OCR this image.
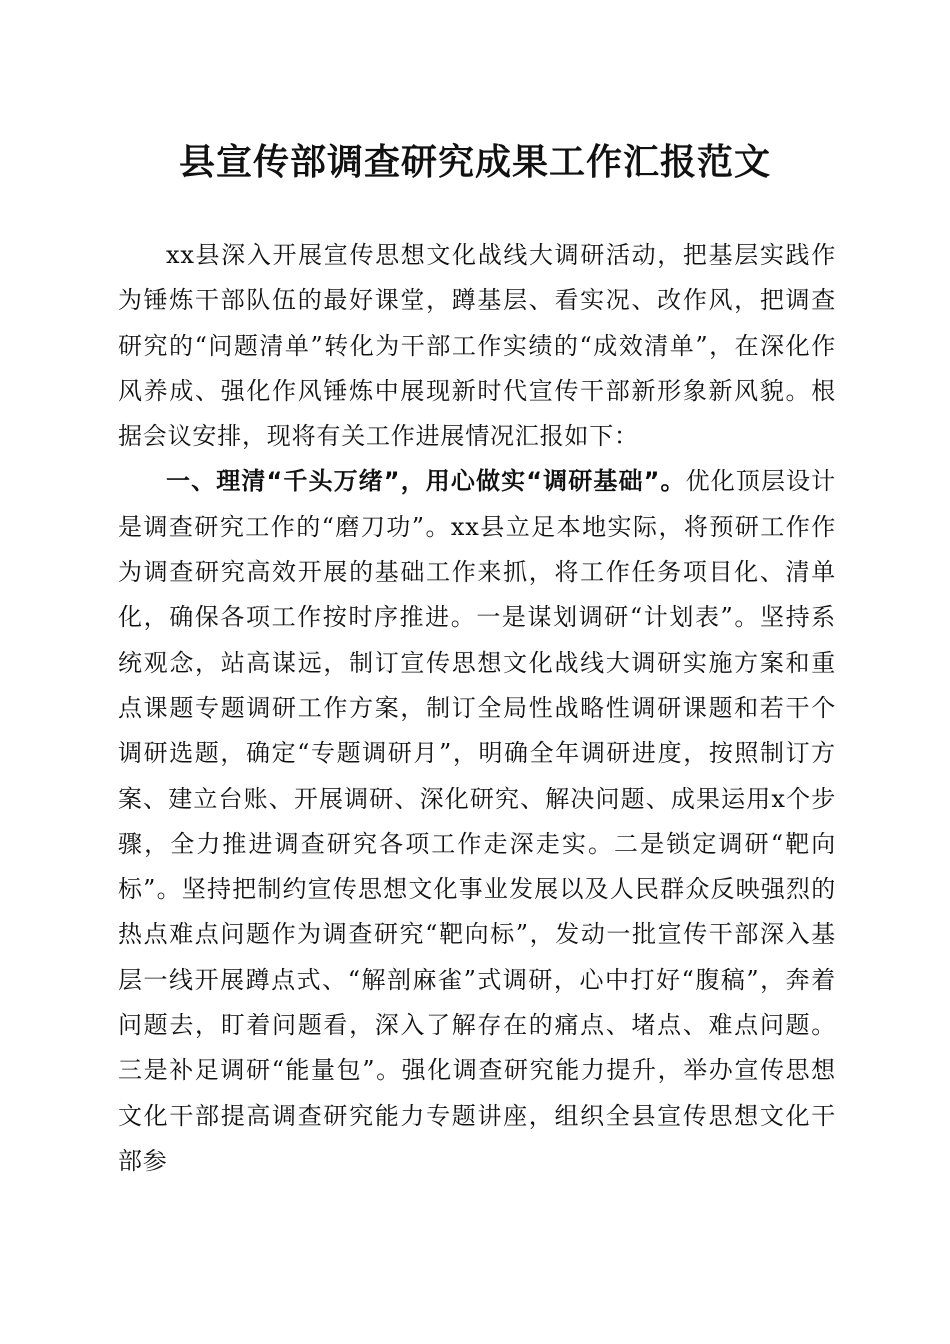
县宣传部调查研究成果工作汇报范文

xx县深入开展宣传思想文化战线大调研活动，把基层实践作为锤炼干部队伍的最好课堂，蹲基层、看实况、改作风，把调查研究的“问题清单”转化为干部工作实绩的“成效清单”，在深化作风养成、强化作风锤炼中展现新时代宣传干部新形象新风貌。根据会议安排，现将有关工作进展情况汇报如下：

一、理清“千头万绪”，用心做实“调研基础”。优化顶层设计是调查研究工作的“磨刀功”。xx县立足本地实际，将预研工作作为调查研究高效开展的基础工作来抓，将工作任务项目化、清单化，确保各项工作按时序推进。一是谋划调研“计划表”。坚持系统观念，站高谋远，制订宣传思想文化战线大调研实施方案和重点课题专题调研工作方案，制订全局性战略性调研课题和若干个调研选题，确定“专题调研月”，明确全年调研进度，按照制订方案、建立台账、开展调研、深化研究、解决问题、成果运用x个步骤，全力推进调查研究各项工作走深走实。二是锁定调研“靶向标”。坚持把制约宣传思想文化事业发展以及人民群众反映强烈的热点难点问题作为调查研究“靶向标”，发动一批宣传干部深入基层一线开展蹲点式、“解剖麻雀”式调研，心中打好“腹稿”，奔着问题去，盯着问题看，深入了解存在的痛点、堵点、难点问题。三是补足调研“能量包”。强化调查研究能力提升，举办宣传思想文化干部提高调查研究能力专题讲座，组织全县宣传思想文化干部参
